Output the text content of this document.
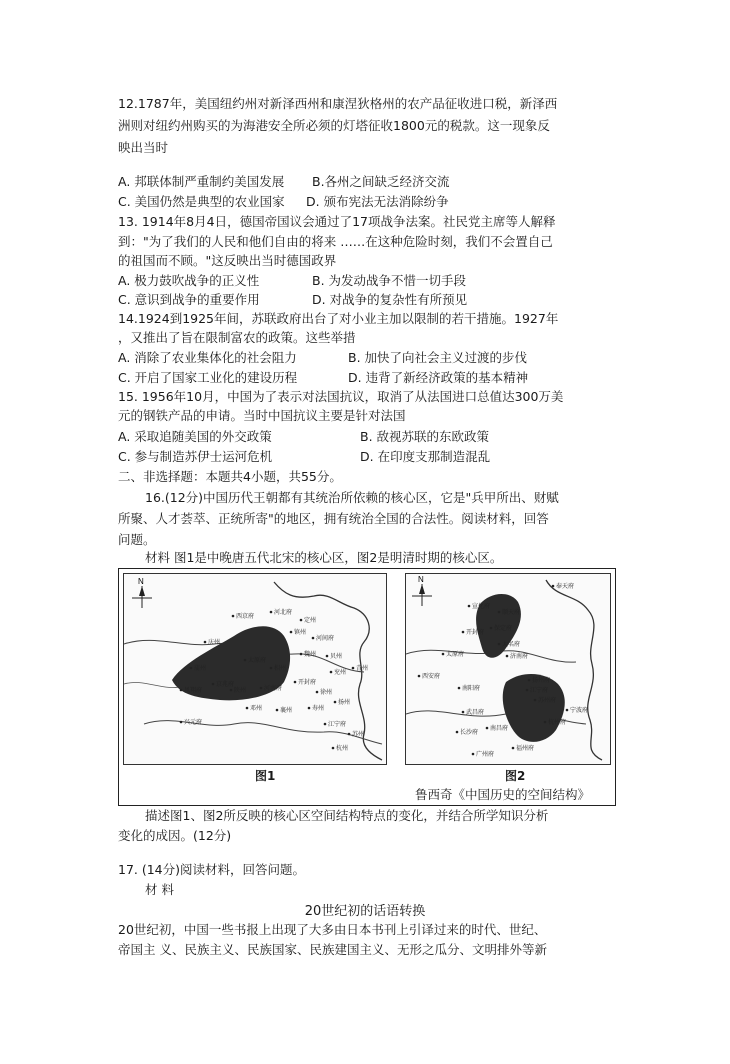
12.1787年，美国纽约州对新泽西州和康涅狄格州的农产品征收进口税，新泽西
洲则对纽约州购买的为海港安全所必须的灯塔征收1800元的税款。这一现象反
映出当时
A. 邦联体制严重制约美国发展 B.各州之间缺乏经济交流
C. 美国仍然是典型的农业国家 D. 颁布宪法无法消除纷争
13. 1914年8月4日，德国帝国议会通过了17项战争法案。社民党主席等人解释
到："为了我们的人民和他们自由的将来 ……在这种危险时刻，我们不会置自己
的祖国而不顾。"这反映出当时德国政界
A. 极力鼓吹战争的正义性	B. 为发动战争不惜一切手段
C. 意识到战争的重要作用	D. 对战争的复杂性有所预见
14.1924到1925年间，苏联政府出台了对小业主加以限制的若干措施。1927年
，又推出了旨在限制富农的政策。这些举措
A. 消除了农业集体化的社会阻力	B. 加快了向社会主义过渡的步伐
C. 开启了国家工业化的建设历程	D. 违背了新经济政策的基本精神
15. 1956年10月，中国为了表示对法国抗议，取消了从法国进口总值达300万美
元的钢铁产品的申请。当时中国抗议主要是针对法国
A. 采取追随美国的外交政策	B. 敌视苏联的东欧政策
C. 参与制造苏伊士运河危机	D. 在印度支那制造混乱
二、非选择题：本题共4小题，共55分。
16.(12分)中国历代王朝都有其统治所依赖的核心区，它是"兵甲所出、财赋
所聚、人才荟萃、正统所寄"的地区，拥有统治全国的合法性。阅读材料，回答
问题。
材料 图1是中晚唐五代北宋的核心区，图2是明清时期的核心区。
N
西京府
河北府
定州
镇州
河间府
魏州 贝州
相州
太原府
蒲州
开封府
河南府
陕州
邓州	襄州
扬州
江宁府
苏州
杭州
凤翔府
京兆府
庆州
兴元府
兖州
青州
徐州
寿州
N
奉天府
宣化府
顺天府
保定府
大名府
济南府
开封府
太原府
西安府
南阳府
武昌府
长沙府
南昌府
苏州府
杭州府
宁波府
福州府
广州府
扬州府
江宁府
图1	图2
鲁西奇《中国历史的空间结构》
描述图1、图2所反映的核心区空间结构特点的变化，并结合所学知识分析
变化的成因。(12分)
17. (14分)阅读材料，回答问题。
材 料
20世纪初的话语转换
20世纪初，中国一些书报上出现了大多由日本书刊上引译过来的时代、世纪、
帝国主 义、民族主义、民族国家、民族建国主义、无形之瓜分、文明排外等新
